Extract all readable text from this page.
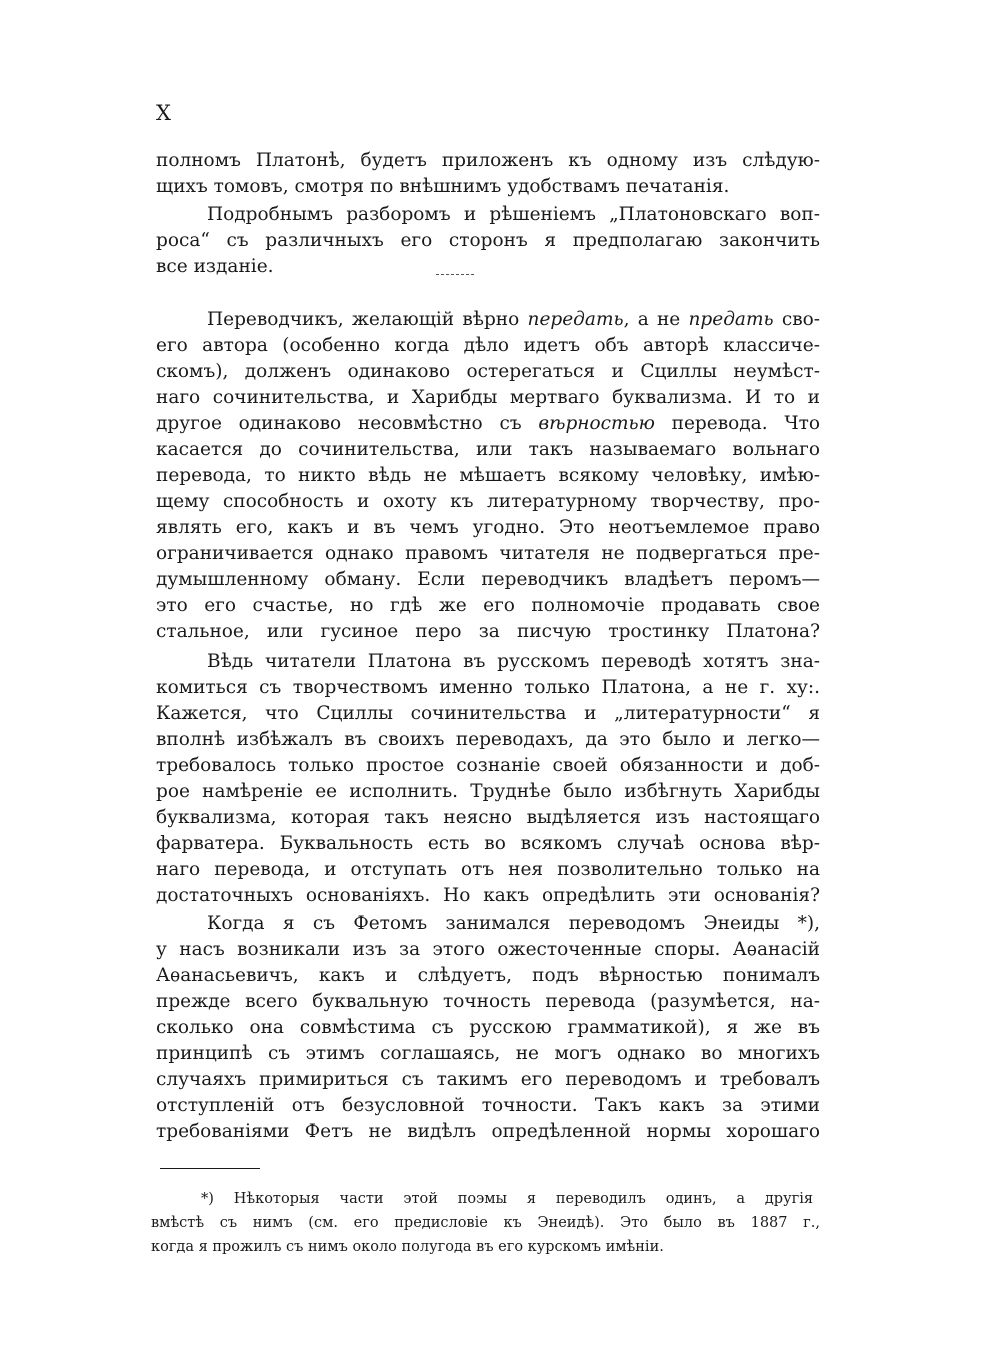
X
полномъ Платонѣ, будетъ приложенъ къ одному изъ слѣдую-
щихъ томовъ, смотря по внѣшнимъ удобствамъ печатанія.
Подробнымъ разборомъ и рѣшеніемъ „Платоновскаго воп-
роса“ съ различныхъ его сторонъ я предполагаю закончить
все изданіе.
Переводчикъ, желающій вѣрно передать, а не предать сво-
его автора (особенно когда дѣло идетъ объ авторѣ классиче-
скомъ), долженъ одинаково остерегаться и Сциллы неумѣст-
наго сочинительства, и Харибды мертваго буквализма. И то и
другое одинаково несовмѣстно съ вѣрностью перевода. Что
касается до сочинительства, или такъ называемаго вольнаго
перевода, то никто вѣдь не мѣшаетъ всякому человѣку, имѣю-
щему способность и охоту къ литературному творчеству, про-
являть его, какъ и въ чемъ угодно. Это неотъемлемое право
ограничивается однако правомъ читателя не подвергаться пре-
думышленному обману. Если переводчикъ владѣетъ перомъ—
это его счастье, но гдѣ же его полномочіе продавать свое
стальное, или гусиное перо за писчую тростинку Платона?
Вѣдь читатели Платона въ русскомъ переводѣ хотятъ зна-
комиться съ творчествомъ именно только Платона, а не г. ху:.
Кажется, что Сциллы сочинительства и „литературности“ я
вполнѣ избѣжалъ въ своихъ переводахъ, да это было и легко—
требовалось только простое сознаніе своей обязанности и доб-
рое намѣреніе ее исполнить. Труднѣе было избѣгнуть Харибды
буквализма, которая такъ неясно выдѣляется изъ настоящаго
фарватера. Буквальность есть во всякомъ случаѣ основа вѣр-
наго перевода, и отступать отъ нея позволительно только на
достаточныхъ основаніяхъ. Но какъ опредѣлить эти основанія?
Когда я съ Фетомъ занимался переводомъ Энеиды *),
у насъ возникали изъ за этого ожесточенные споры. Аѳанасій
Аѳанасьевичъ, какъ и слѣдуетъ, подъ вѣрностью понималъ
прежде всего буквальную точность перевода (разумѣется, на-
сколько она совмѣстима съ русскою грамматикой), я же въ
принципѣ съ этимъ соглашаясь, не могъ однако во многихъ
случаяхъ примириться съ такимъ его переводомъ и требовалъ
отступленій отъ безусловной точности. Такъ какъ за этими
требованіями Фетъ не видѣлъ опредѣленной нормы хорошаго
*) Нѣкоторыя части этой поэмы я переводилъ одинъ, а другія
вмѣстѣ съ нимъ (см. его предисловіе къ Энеидѣ). Это было въ 1887 г.,
когда я прожилъ съ нимъ около полугода въ его курскомъ имѣніи.
